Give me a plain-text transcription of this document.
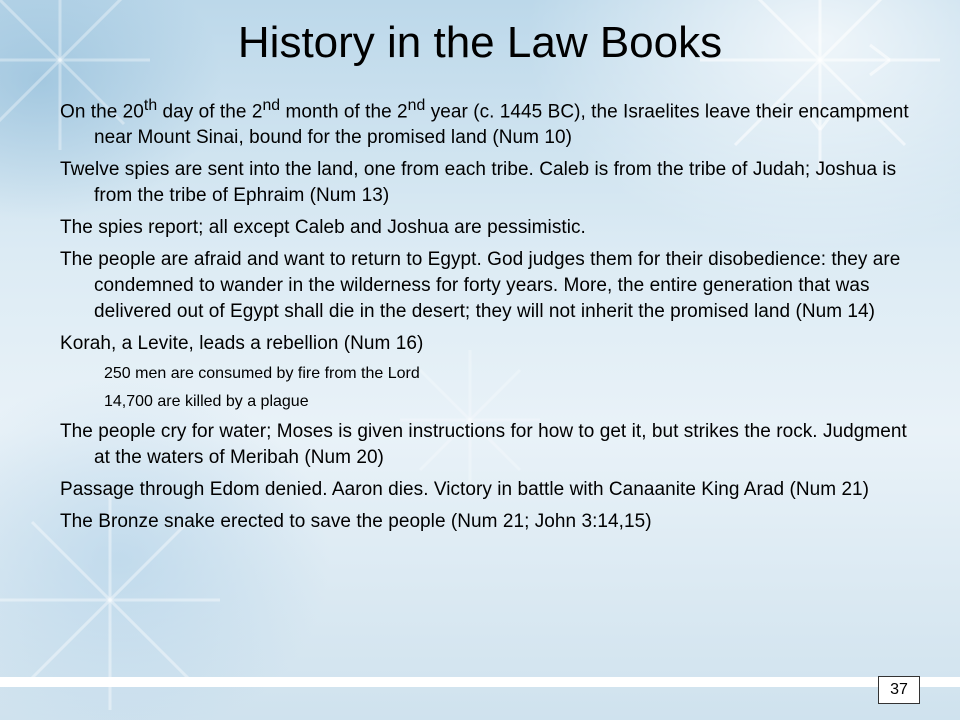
History in the Law Books

On the 20th day of the 2nd month of the 2nd year (c. 1445 BC), the Israelites leave their encampment near Mount Sinai, bound for the promised land (Num 10)

Twelve spies are sent into the land, one from each tribe. Caleb is from the tribe of Judah; Joshua is from the tribe of Ephraim (Num 13)

The spies report; all except Caleb and Joshua are pessimistic.

The people are afraid and want to return to Egypt. God judges them for their disobedience: they are condemned to wander in the wilderness for forty years. More, the entire generation that was delivered out of Egypt shall die in the desert; they will not inherit the promised land (Num 14)

Korah, a Levite, leads a rebellion (Num 16)

250 men are consumed by fire from the Lord

14,700 are killed by a plague

The people cry for water; Moses is given instructions for how to get it, but strikes the rock. Judgment at the waters of Meribah (Num 20)

Passage through Edom denied. Aaron dies. Victory in battle with Canaanite King Arad (Num 21)

The Bronze snake erected to save the people (Num 21; John 3:14,15)

37
